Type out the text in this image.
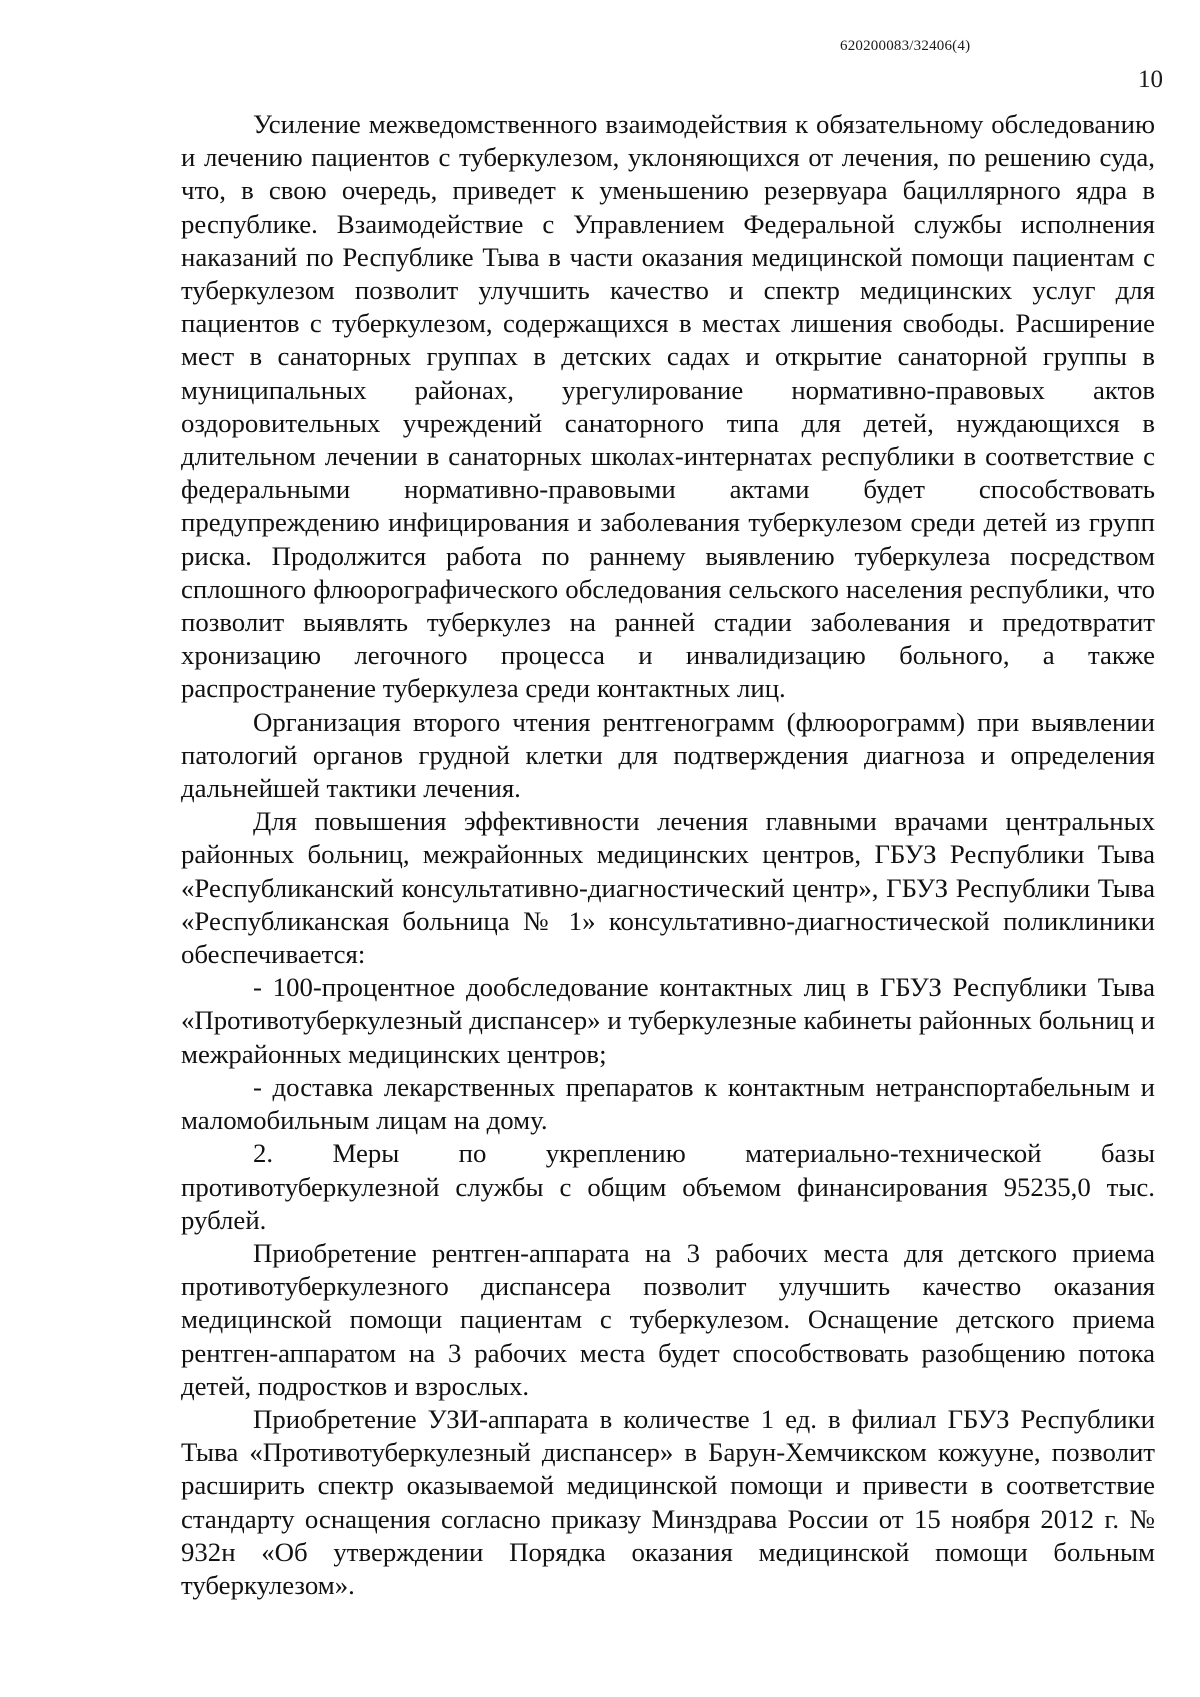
620200083/32406(4)
10

Усиление межведомственного взаимодействия к обязательному обследованию и лечению пациентов с туберкулезом, уклоняющихся от лечения, по решению суда, что, в свою очередь, приведет к уменьшению резервуара бациллярного ядра в республике. Взаимодействие с Управлением Федеральной службы исполнения наказаний по Республике Тыва в части оказания медицинской помощи пациентам с туберкулезом позволит улучшить качество и спектр медицинских услуг для пациентов с туберкулезом, содержащихся в местах лишения свободы. Расширение мест в санаторных группах в детских садах и открытие санаторной группы в муниципальных районах, урегулирование нормативно-правовых актов оздоровительных учреждений санаторного типа для детей, нуждающихся в длительном лечении в санаторных школах-интернатах республики в соответствие с федеральными нормативно-правовыми актами будет способствовать предупреждению инфицирования и заболевания туберкулезом среди детей из групп риска. Продолжится работа по раннему выявлению туберкулеза посредством сплошного флюорографического обследования сельского населения республики, что позволит выявлять туберкулез на ранней стадии заболевания и предотвратит хронизацию легочного процесса и инвалидизацию больного, а также распространение туберкулеза среди контактных лиц.

Организация второго чтения рентгенограмм (флюорограмм) при выявлении патологий органов грудной клетки для подтверждения диагноза и определения дальнейшей тактики лечения.

Для повышения эффективности лечения главными врачами центральных районных больниц, межрайонных медицинских центров, ГБУЗ Республики Тыва «Республиканский консультативно-диагностический центр», ГБУЗ Республики Тыва «Республиканская больница № 1» консультативно-диагностической поликлиники обеспечивается:

- 100-процентное дообследование контактных лиц в ГБУЗ Республики Тыва «Противотуберкулезный диспансер» и туберкулезные кабинеты районных больниц и межрайонных медицинских центров;

- доставка лекарственных препаратов к контактным нетранспортабельным и маломобильным лицам на дому.

2. Меры по укреплению материально-технической базы противотуберкулезной службы с общим объемом финансирования 95235,0 тыс. рублей.

Приобретение рентген-аппарата на 3 рабочих места для детского приема противотуберкулезного диспансера позволит улучшить качество оказания медицинской помощи пациентам с туберкулезом. Оснащение детского приема рентген-аппаратом на 3 рабочих места будет способствовать разобщению потока детей, подростков и взрослых.

Приобретение УЗИ-аппарата в количестве 1 ед. в филиал ГБУЗ Республики Тыва «Противотуберкулезный диспансер» в Барун-Хемчикском кожууне, позволит расширить спектр оказываемой медицинской помощи и привести в соответствие стандарту оснащения согласно приказу Минздрава России от 15 ноября 2012 г. № 932н «Об утверждении Порядка оказания медицинской помощи больным туберкулезом».
